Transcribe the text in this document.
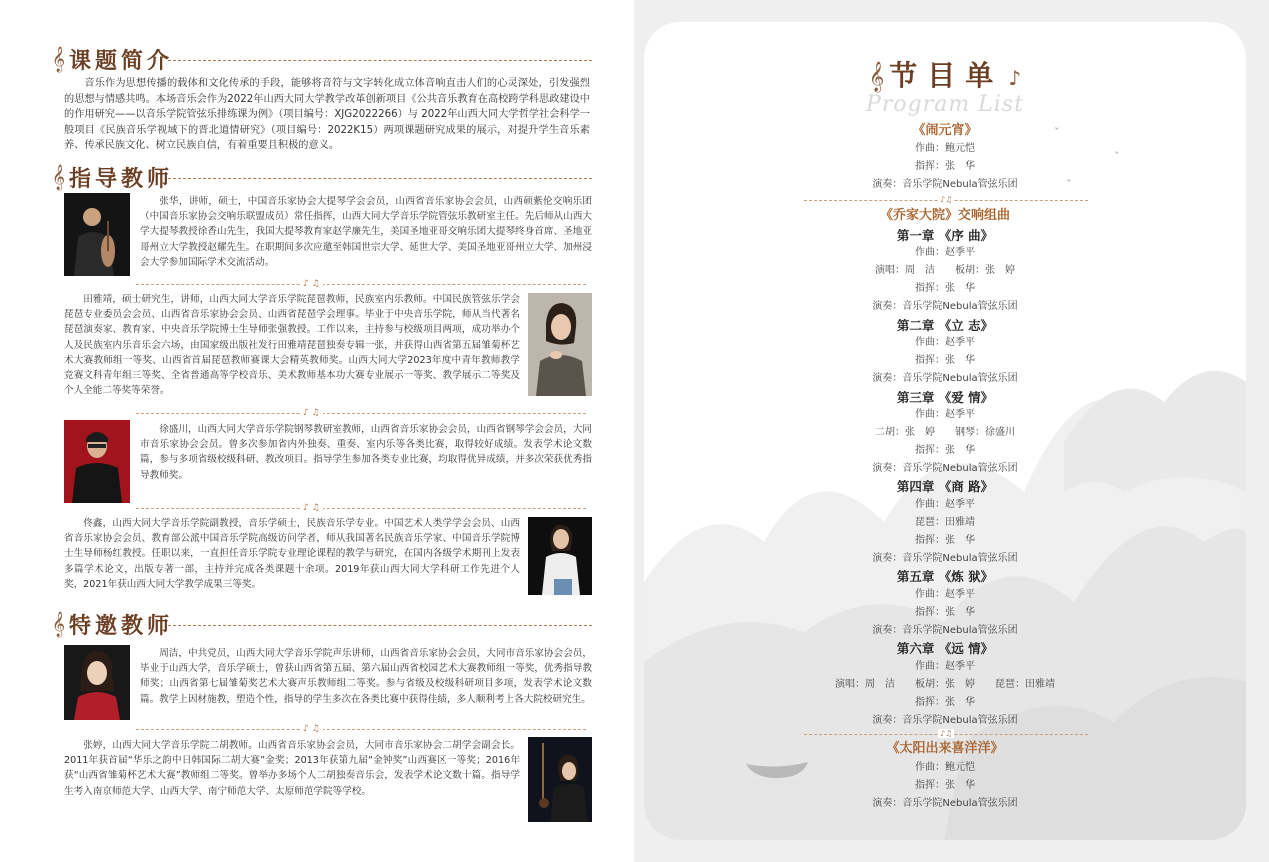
𝄞 课题简介
音乐作为思想传播的载体和文化传承的手段，能够将音符与文字转化成立体音响直击人们的心灵深处，引发强烈的思想与情感共鸣。本场音乐会作为2022年山西大同大学教学改革创新项目《公共音乐教育在高校跨学科思政建设中的作用研究——以音乐学院管弦乐排练课为例》（项目编号：XJG2022266）与 2022年山西大同大学哲学社会科学一般项目《民族音乐学视域下的晋北道情研究》（项目编号：2022K15）两项课题研究成果的展示，对提升学生音乐素养、传承民族文化、树立民族自信，有着重要且积极的意义。
𝄞 指导教师
张华，讲师，硕士，中国音乐家协会大提琴学会会员，山西省音乐家协会会员，山西硕紫伦交响乐团（中国音乐家协会交响乐联盟成员）常任指挥，山西大同大学音乐学院管弦乐教研室主任。先后师从山西大学大提琴教授徐香山先生，我国大提琴教育家赵学廉先生，美国圣地亚哥交响乐团大提琴终身首席、圣地亚哥州立大学教授赵耀先生。在职期间多次应邀至韩国世宗大学、延世大学、美国圣地亚哥州立大学、加州浸会大学参加国际学术交流活动。
♪ ♫
田雅靖，硕士研究生，讲师，山西大同大学音乐学院琵琶教师，民族室内乐教师。中国民族管弦乐学会琵琶专业委员会会员、山西省音乐家协会会员、山西省琵琶学会理事。毕业于中央音乐学院，师从当代著名琵琶演奏家、教育家、中央音乐学院博士生导师张强教授。工作以来，主持参与校级项目两项，成功举办个人及民族室内乐音乐会六场，由国家级出版社发行田雅靖琵琶独奏专辑一张，并获得山西省第五届雏菊杯艺术大赛教师组一等奖、山西省首届琵琶教师赛课大会精英教师奖。山西大同大学2023年度中青年教师教学竞赛文科青年组三等奖、全省普通高等学校音乐、美术教师基本功大赛专业展示一等奖、教学展示二等奖及个人全能二等奖等荣誉。
♪ ♫
徐盛川，山西大同大学音乐学院钢琴教研室教师，山西省音乐家协会会员，山西省钢琴学会会员，大同市音乐家协会会员。曾多次参加省内外独奏、重奏、室内乐等各类比赛，取得较好成绩。发表学术论文数篇，参与多项省级校级科研、教改项目。指导学生参加各类专业比赛，均取得优异成绩，并多次荣获优秀指导教师奖。
♪ ♫
佟鑫，山西大同大学音乐学院副教授，音乐学硕士，民族音乐学专业。中国艺术人类学学会会员、山西省音乐家协会会员、教育部公派中国音乐学院高级访问学者，师从我国著名民族音乐学家、中国音乐学院博士生导师杨红教授。任职以来，一直担任音乐学院专业理论课程的教学与研究，在国内各级学术期刊上发表多篇学术论文，出版专著一部，主持并完成各类课题十余项。2019年获山西大同大学科研工作先进个人奖，2021年获山西大同大学教学成果三等奖。
𝄞 特邀教师
周洁，中共党员，山西大同大学音乐学院声乐讲师，山西省音乐家协会会员，大同市音乐家协会会员，毕业于山西大学，音乐学硕士，曾获山西省第五届、第六届山西省校园艺术大赛教师组一等奖，优秀指导教师奖；山西省第七届雏菊奖艺术大赛声乐教师组二等奖。参与省级及校级科研项目多项，发表学术论文数篇。教学上因材施教，塑造个性，指导的学生多次在各类比赛中获得佳绩，多人顺利考上各大院校研究生。
♪ ♫
张婷，山西大同大学音乐学院二胡教师。山西省音乐家协会会员，大同市音乐家协会二胡学会副会长。2011年获首届“华乐之韵中日韩国际二胡大赛”金奖；2013年获第九届“金钟奖”山西赛区一等奖；2016年获“山西省雏菊杯艺术大赛”教师组二等奖。曾举办多场个人二胡独奏音乐会，发表学术论文数十篇。指导学生考入南京师范大学、山西大学、南宁师范大学、太原师范学院等学校。
𝄞 节目单 ♪
Program List
ˇ
ˇ
ˇ
《闹元宵》
作曲：鲍元恺
指挥：张　华
演奏：音乐学院Nebula管弦乐团
♪♫
《乔家大院》交响组曲
第一章 《序 曲》
作曲：赵季平
演唱：周　洁　　板胡：张　婷
指挥：张　华
演奏：音乐学院Nebula管弦乐团
第二章 《立 志》
作曲：赵季平
指挥：张　华
演奏：音乐学院Nebula管弦乐团
第三章 《爱 情》
作曲：赵季平
二胡：张　婷　　钢琴：徐盛川
指挥：张　华
演奏：音乐学院Nebula管弦乐团
第四章 《商 路》
作曲：赵季平
琵琶：田雅靖
指挥：张　华
演奏：音乐学院Nebula管弦乐团
第五章 《炼 狱》
作曲：赵季平
指挥：张　华
演奏：音乐学院Nebula管弦乐团
第六章 《远 情》
作曲：赵季平
演唱：周　洁　　板胡：张　婷　　琵琶：田雅靖
指挥：张　华
演奏：音乐学院Nebula管弦乐团
♪♫
《太阳出来喜洋洋》
作曲：鲍元恺
指挥：张　华
演奏：音乐学院Nebula管弦乐团
